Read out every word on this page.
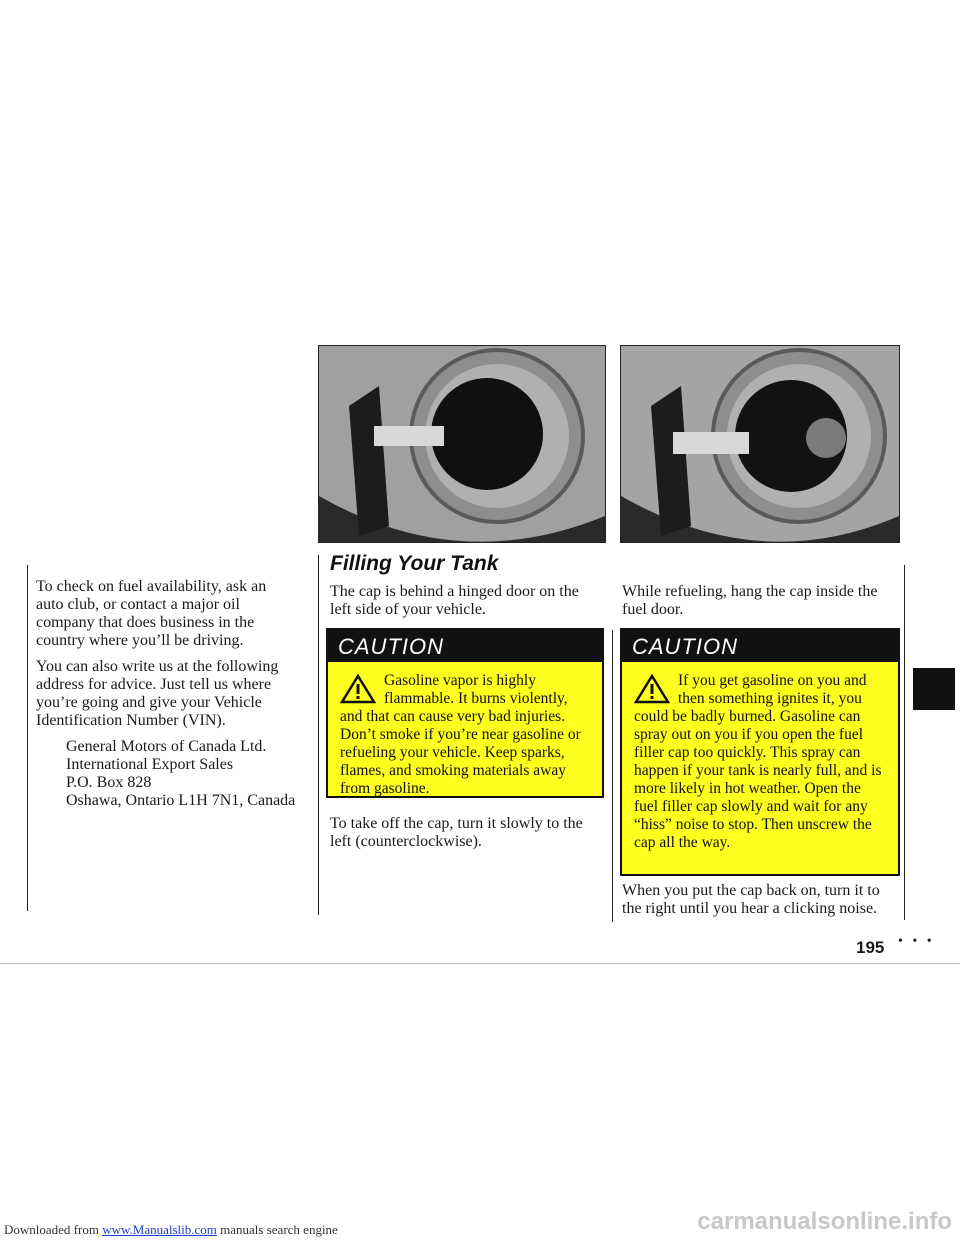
To check on fuel availability, ask an auto club, or contact a major oil company that does business in the country where you’ll be driving.

You can also write us at the following address for advice. Just tell us where you’re going and give your Vehicle Identification Number (VIN).

General Motors of Canada Ltd.
International Export Sales
P.O. Box 828
Oshawa, Ontario L1H 7N1, Canada
Filling Your Tank
The cap is behind a hinged door on the left side of your vehicle.
CAUTION
Gasoline vapor is highly flammable. It burns violently, and that can cause very bad injuries. Don’t smoke if you’re near gasoline or refueling your vehicle. Keep sparks, flames, and smoking materials away from gasoline.
To take off the cap, turn it slowly to the left (counterclockwise).
While refueling, hang the cap inside the fuel door.
CAUTION
If you get gasoline on you and then something ignites it, you could be badly burned. Gasoline can spray out on you if you open the fuel filler cap too quickly. This spray can happen if your tank is nearly full, and is more likely in hot weather. Open the fuel filler cap slowly and wait for any “hiss” noise to stop. Then unscrew the cap all the way.
When you put the cap back on, turn it to the right until you hear a clicking noise.
195 • • •
Downloaded from www.Manualslib.com manuals search engine	carmanualsonline.info
